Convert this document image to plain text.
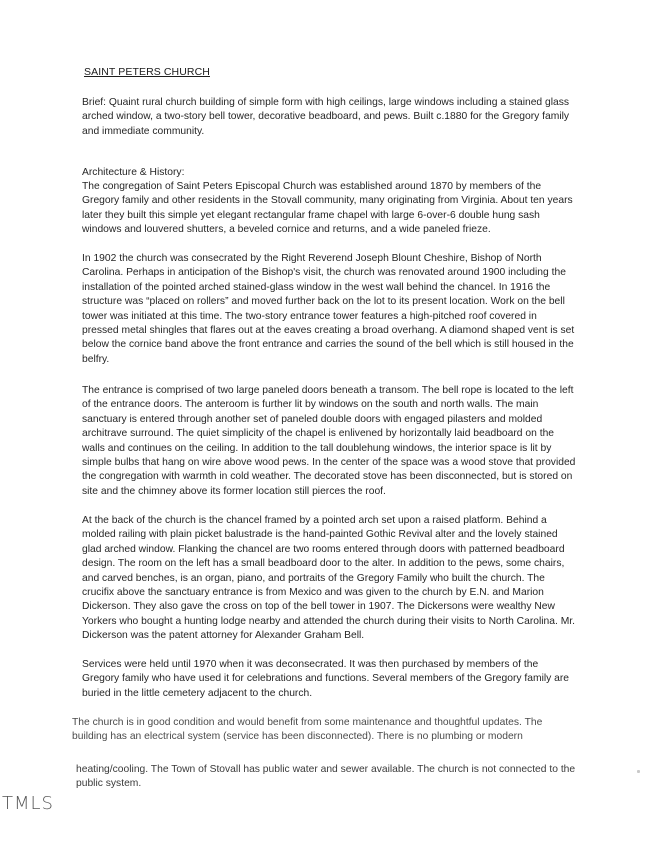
SAINT PETERS CHURCH

Brief: Quaint rural church building of simple form with high ceilings, large windows including a stained glass arched window, a two-story bell tower, decorative beadboard, and pews. Built c.1880 for the Gregory family and immediate community.

Architecture & History:

The congregation of Saint Peters Episcopal Church was established around 1870 by members of the Gregory family and other residents in the Stovall community, many originating from Virginia. About ten years later they built this simple yet elegant rectangular frame chapel with large 6-over-6 double hung sash windows and louvered shutters, a beveled cornice and returns, and a wide paneled frieze.

In 1902 the church was consecrated by the Right Reverend Joseph Blount Cheshire, Bishop of North Carolina. Perhaps in anticipation of the Bishop's visit, the church was renovated around 1900 including the installation of the pointed arched stained-glass window in the west wall behind the chancel. In 1916 the structure was “placed on rollers” and moved further back on the lot to its present location. Work on the bell tower was initiated at this time. The two-story entrance tower features a high-pitched roof covered in pressed metal shingles that flares out at the eaves creating a broad overhang. A diamond shaped vent is set below the cornice band above the front entrance and carries the sound of the bell which is still housed in the belfry.

The entrance is comprised of two large paneled doors beneath a transom. The bell rope is located to the left of the entrance doors. The anteroom is further lit by windows on the south and north walls. The main sanctuary is entered through another set of paneled double doors with engaged pilasters and molded architrave surround. The quiet simplicity of the chapel is enlivened by horizontally laid beadboard on the walls and continues on the ceiling. In addition to the tall doublehung windows, the interior space is lit by simple bulbs that hang on wire above wood pews. In the center of the space was a wood stove that provided the congregation with warmth in cold weather. The decorated stove has been disconnected, but is stored on site and the chimney above its former location still pierces the roof.

At the back of the church is the chancel framed by a pointed arch set upon a raised platform. Behind a molded railing with plain picket balustrade is the hand-painted Gothic Revival alter and the lovely stained glad arched window. Flanking the chancel are two rooms entered through doors with patterned beadboard design. The room on the left has a small beadboard door to the alter. In addition to the pews, some chairs, and carved benches, is an organ, piano, and portraits of the Gregory Family who built the church. The crucifix above the sanctuary entrance is from Mexico and was given to the church by E.N. and Marion Dickerson. They also gave the cross on top of the bell tower in 1907. The Dickersons were wealthy New Yorkers who bought a hunting lodge nearby and attended the church during their visits to North Carolina. Mr. Dickerson was the patent attorney for Alexander Graham Bell.

Services were held until 1970 when it was deconsecrated. It was then purchased by members of the Gregory family who have used it for celebrations and functions. Several members of the Gregory family are buried in the little cemetery adjacent to the church.

The church is in good condition and would benefit from some maintenance and thoughtful updates. The building has an electrical system (service has been disconnected). There is no plumbing or modern

heating/cooling. The Town of Stovall has public water and sewer available. The church is not connected to the public system.

TMLS
